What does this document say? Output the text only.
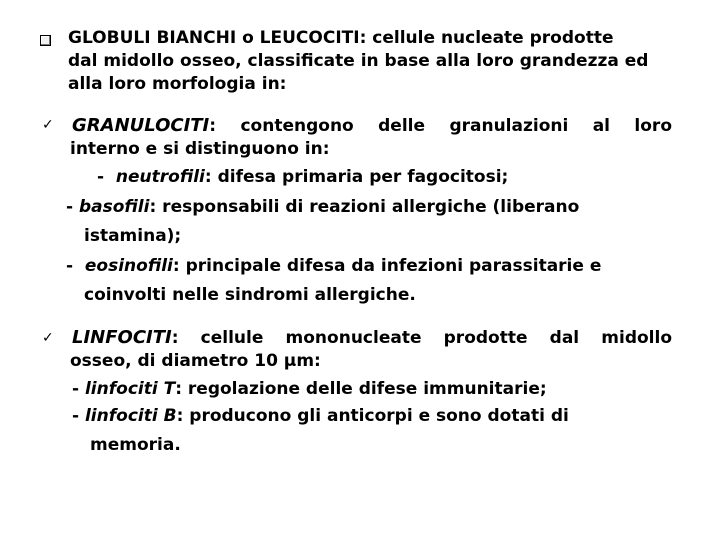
GLOBULI BIANCHI o LEUCOCITI: cellule nucleate prodotte
dal midollo osseo, classificate in base alla loro grandezza ed
alla loro morfologia in:
✓ GRANULOCITI: contengono delle granulazioni al loro
interno e si distinguono in:
- neutrofili: difesa primaria per fagocitosi;
- basofili: responsabili di reazioni allergiche (liberano
istamina);
- eosinofili: principale difesa da infezioni parassitarie e
coinvolti nelle sindromi allergiche.
✓ LINFOCITI: cellule mononucleate prodotte dal midollo
osseo, di diametro 10 µm:
- linfociti T: regolazione delle difese immunitarie;
- linfociti B: producono gli anticorpi e sono dotati di
memoria.
